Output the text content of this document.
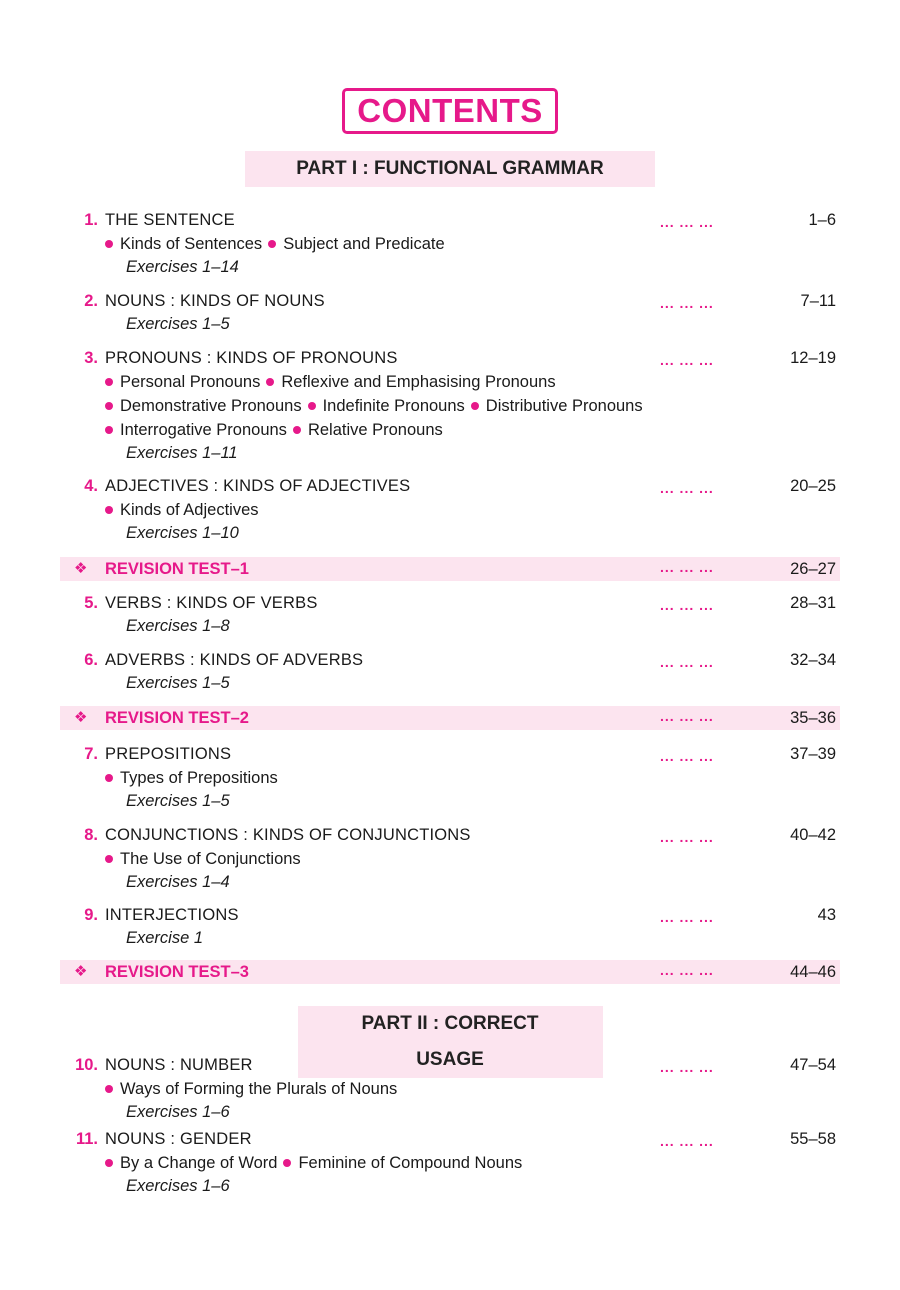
CONTENTS
PART I : FUNCTIONAL GRAMMAR
PART II : CORRECT USAGE
1. THE SENTENCE	... ... ...	1–6
Kinds of Sentences Subject and Predicate
Exercises 1–14
2. NOUNS : KINDS OF NOUNS	... ... ...	7–11
Exercises 1–5
3. PRONOUNS : KINDS OF PRONOUNS	... ... ...	12–19
Personal Pronouns Reflexive and Emphasising Pronouns
Demonstrative Pronouns Indefinite Pronouns Distributive Pronouns
Interrogative Pronouns Relative Pronouns
Exercises 1–11
4. ADJECTIVES : KINDS OF ADJECTIVES	... ... ...	20–25
Kinds of Adjectives
Exercises 1–10
5. VERBS : KINDS OF VERBS	... ... ...	28–31
Exercises 1–8
6. ADVERBS : KINDS OF ADVERBS	... ... ...	32–34
Exercises 1–5
7. PREPOSITIONS	... ... ...	37–39
Types of Prepositions
Exercises 1–5
8. CONJUNCTIONS : KINDS OF CONJUNCTIONS	... ... ...	40–42
The Use of Conjunctions
Exercises 1–4
9. INTERJECTIONS	... ... ...	43
Exercise 1
10. NOUNS : NUMBER	... ... ...	47–54
Ways of Forming the Plurals of Nouns
Exercises 1–6
11. NOUNS : GENDER	... ... ...	55–58
By a Change of Word Feminine of Compound Nouns
Exercises 1–6
❖ REVISION TEST–1	... ... ...	26–27
❖ REVISION TEST–2	... ... ...	35–36
❖ REVISION TEST–3	... ... ...	44–46
